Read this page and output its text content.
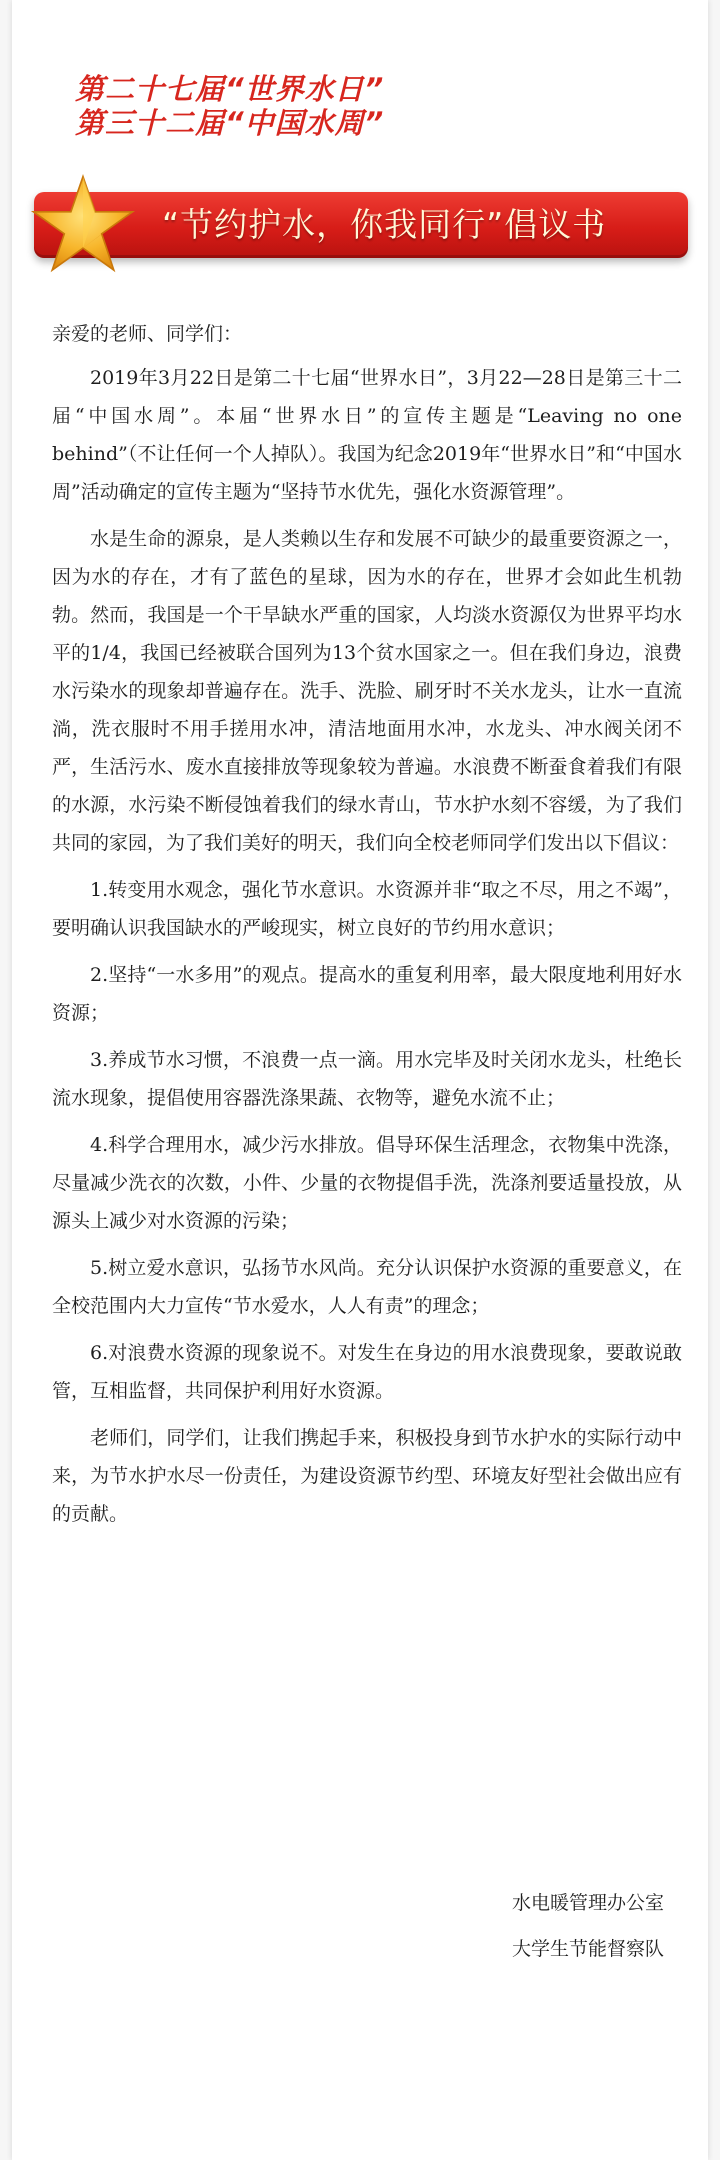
第二十七届“世界水日”
第三十二届“中国水周”
“节约护水，你我同行”倡议书

亲爱的老师、同学们：

2019年3月22日是第二十七届“世界水日”，3月22—28日是第三十二届“中国水周”。本届“世界水日”的宣传主题是“Leaving no one behind”（不让任何一个人掉队）。我国为纪念2019年“世界水日”和“中国水周”活动确定的宣传主题为“坚持节水优先，强化水资源管理”。

水是生命的源泉，是人类赖以生存和发展不可缺少的最重要资源之一，因为水的存在，才有了蓝色的星球，因为水的存在，世界才会如此生机勃勃。然而，我国是一个干旱缺水严重的国家，人均淡水资源仅为世界平均水平的1/4，我国已经被联合国列为13个贫水国家之一。但在我们身边，浪费水污染水的现象却普遍存在。洗手、洗脸、刷牙时不关水龙头，让水一直流淌，洗衣服时不用手搓用水冲，清洁地面用水冲，水龙头、冲水阀关闭不严，生活污水、废水直接排放等现象较为普遍。水浪费不断蚕食着我们有限的水源，水污染不断侵蚀着我们的绿水青山，节水护水刻不容缓，为了我们共同的家园，为了我们美好的明天，我们向全校老师同学们发出以下倡议：

1.转变用水观念，强化节水意识。水资源并非“取之不尽，用之不竭”，要明确认识我国缺水的严峻现实，树立良好的节约用水意识；

2.坚持“一水多用”的观点。提高水的重复利用率，最大限度地利用好水资源；

3.养成节水习惯，不浪费一点一滴。用水完毕及时关闭水龙头，杜绝长流水现象，提倡使用容器洗涤果蔬、衣物等，避免水流不止；

4.科学合理用水，减少污水排放。倡导环保生活理念，衣物集中洗涤，尽量减少洗衣的次数，小件、少量的衣物提倡手洗，洗涤剂要适量投放，从源头上减少对水资源的污染；

5.树立爱水意识，弘扬节水风尚。充分认识保护水资源的重要意义，在全校范围内大力宣传“节水爱水，人人有责”的理念；

6.对浪费水资源的现象说不。对发生在身边的用水浪费现象，要敢说敢管，互相监督，共同保护利用好水资源。

老师们，同学们，让我们携起手来，积极投身到节水护水的实际行动中来，为节水护水尽一份责任，为建设资源节约型、环境友好型社会做出应有的贡献。

水电暖管理办公室
大学生节能督察队
